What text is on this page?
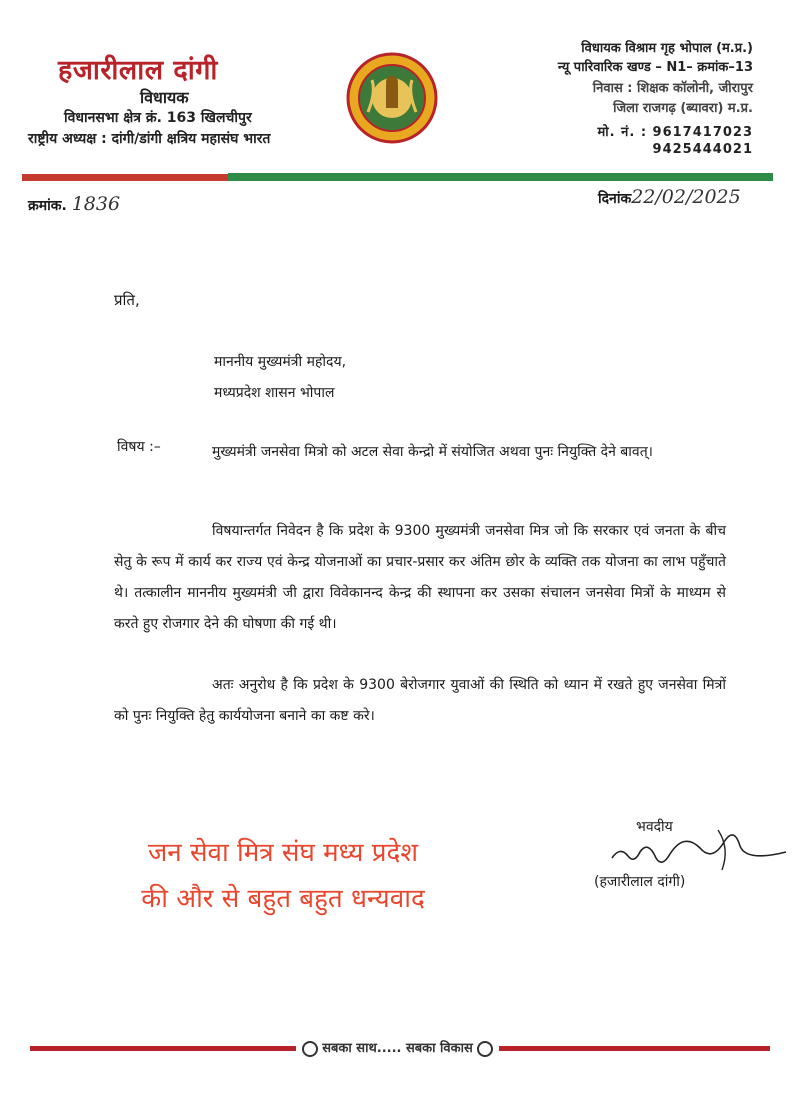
हजारीलाल दांगी
विधायक
विधानसभा क्षेत्र क्रं. 163 खिलचीपुर
राष्ट्रीय अध्यक्ष : दांगी/डांगी क्षत्रिय महासंघ भारत
विधायक विश्राम गृह भोपाल (म.प्र.)
न्यू पारिवारिक खण्ड – N1– क्रमांक–13
निवास : शिक्षक कॉलोनी, जीरापुर
जिला राजगढ़ (ब्यावरा) म.प्र.
मो. नं. : 9617417023
9425444021
क्रमांक. 1836	दिनांक22/02/2025
प्रति,
माननीय मुख्यमंत्री महोदय,
मध्यप्रदेश शासन भोपाल
विषय :–	मुख्यमंत्री जनसेवा मित्रो को अटल सेवा केन्द्रो में संयोजित अथवा पुनः नियुक्ति देने बावत्।
विषयान्तर्गत निवेदन है कि प्रदेश के 9300 मुख्यमंत्री जनसेवा मित्र जो कि सरकार एवं जनता के बीच सेतु के रूप में कार्य कर राज्य एवं केन्द्र योजनाओं का प्रचार-प्रसार कर अंतिम छोर के व्यक्ति तक योजना का लाभ पहुँचाते थे। तत्कालीन माननीय मुख्यमंत्री जी द्वारा विवेकानन्द केन्द्र की स्थापना कर उसका संचालन जनसेवा मित्रों के माध्यम से करते हुए रोजगार देने की घोषणा की गई थी।
अतः अनुरोध है कि प्रदेश के 9300 बेरोजगार युवाओं की स्थिति को ध्यान में रखते हुए जनसेवा मित्रों को पुनः नियुक्ति हेतु कार्ययोजना बनाने का कष्ट करे।
जन सेवा मित्र संघ मध्य प्रदेश
की और से बहुत बहुत धन्यवाद
भवदीय
(हजारीलाल दांगी)
सबका साथ..... सबका विकास
